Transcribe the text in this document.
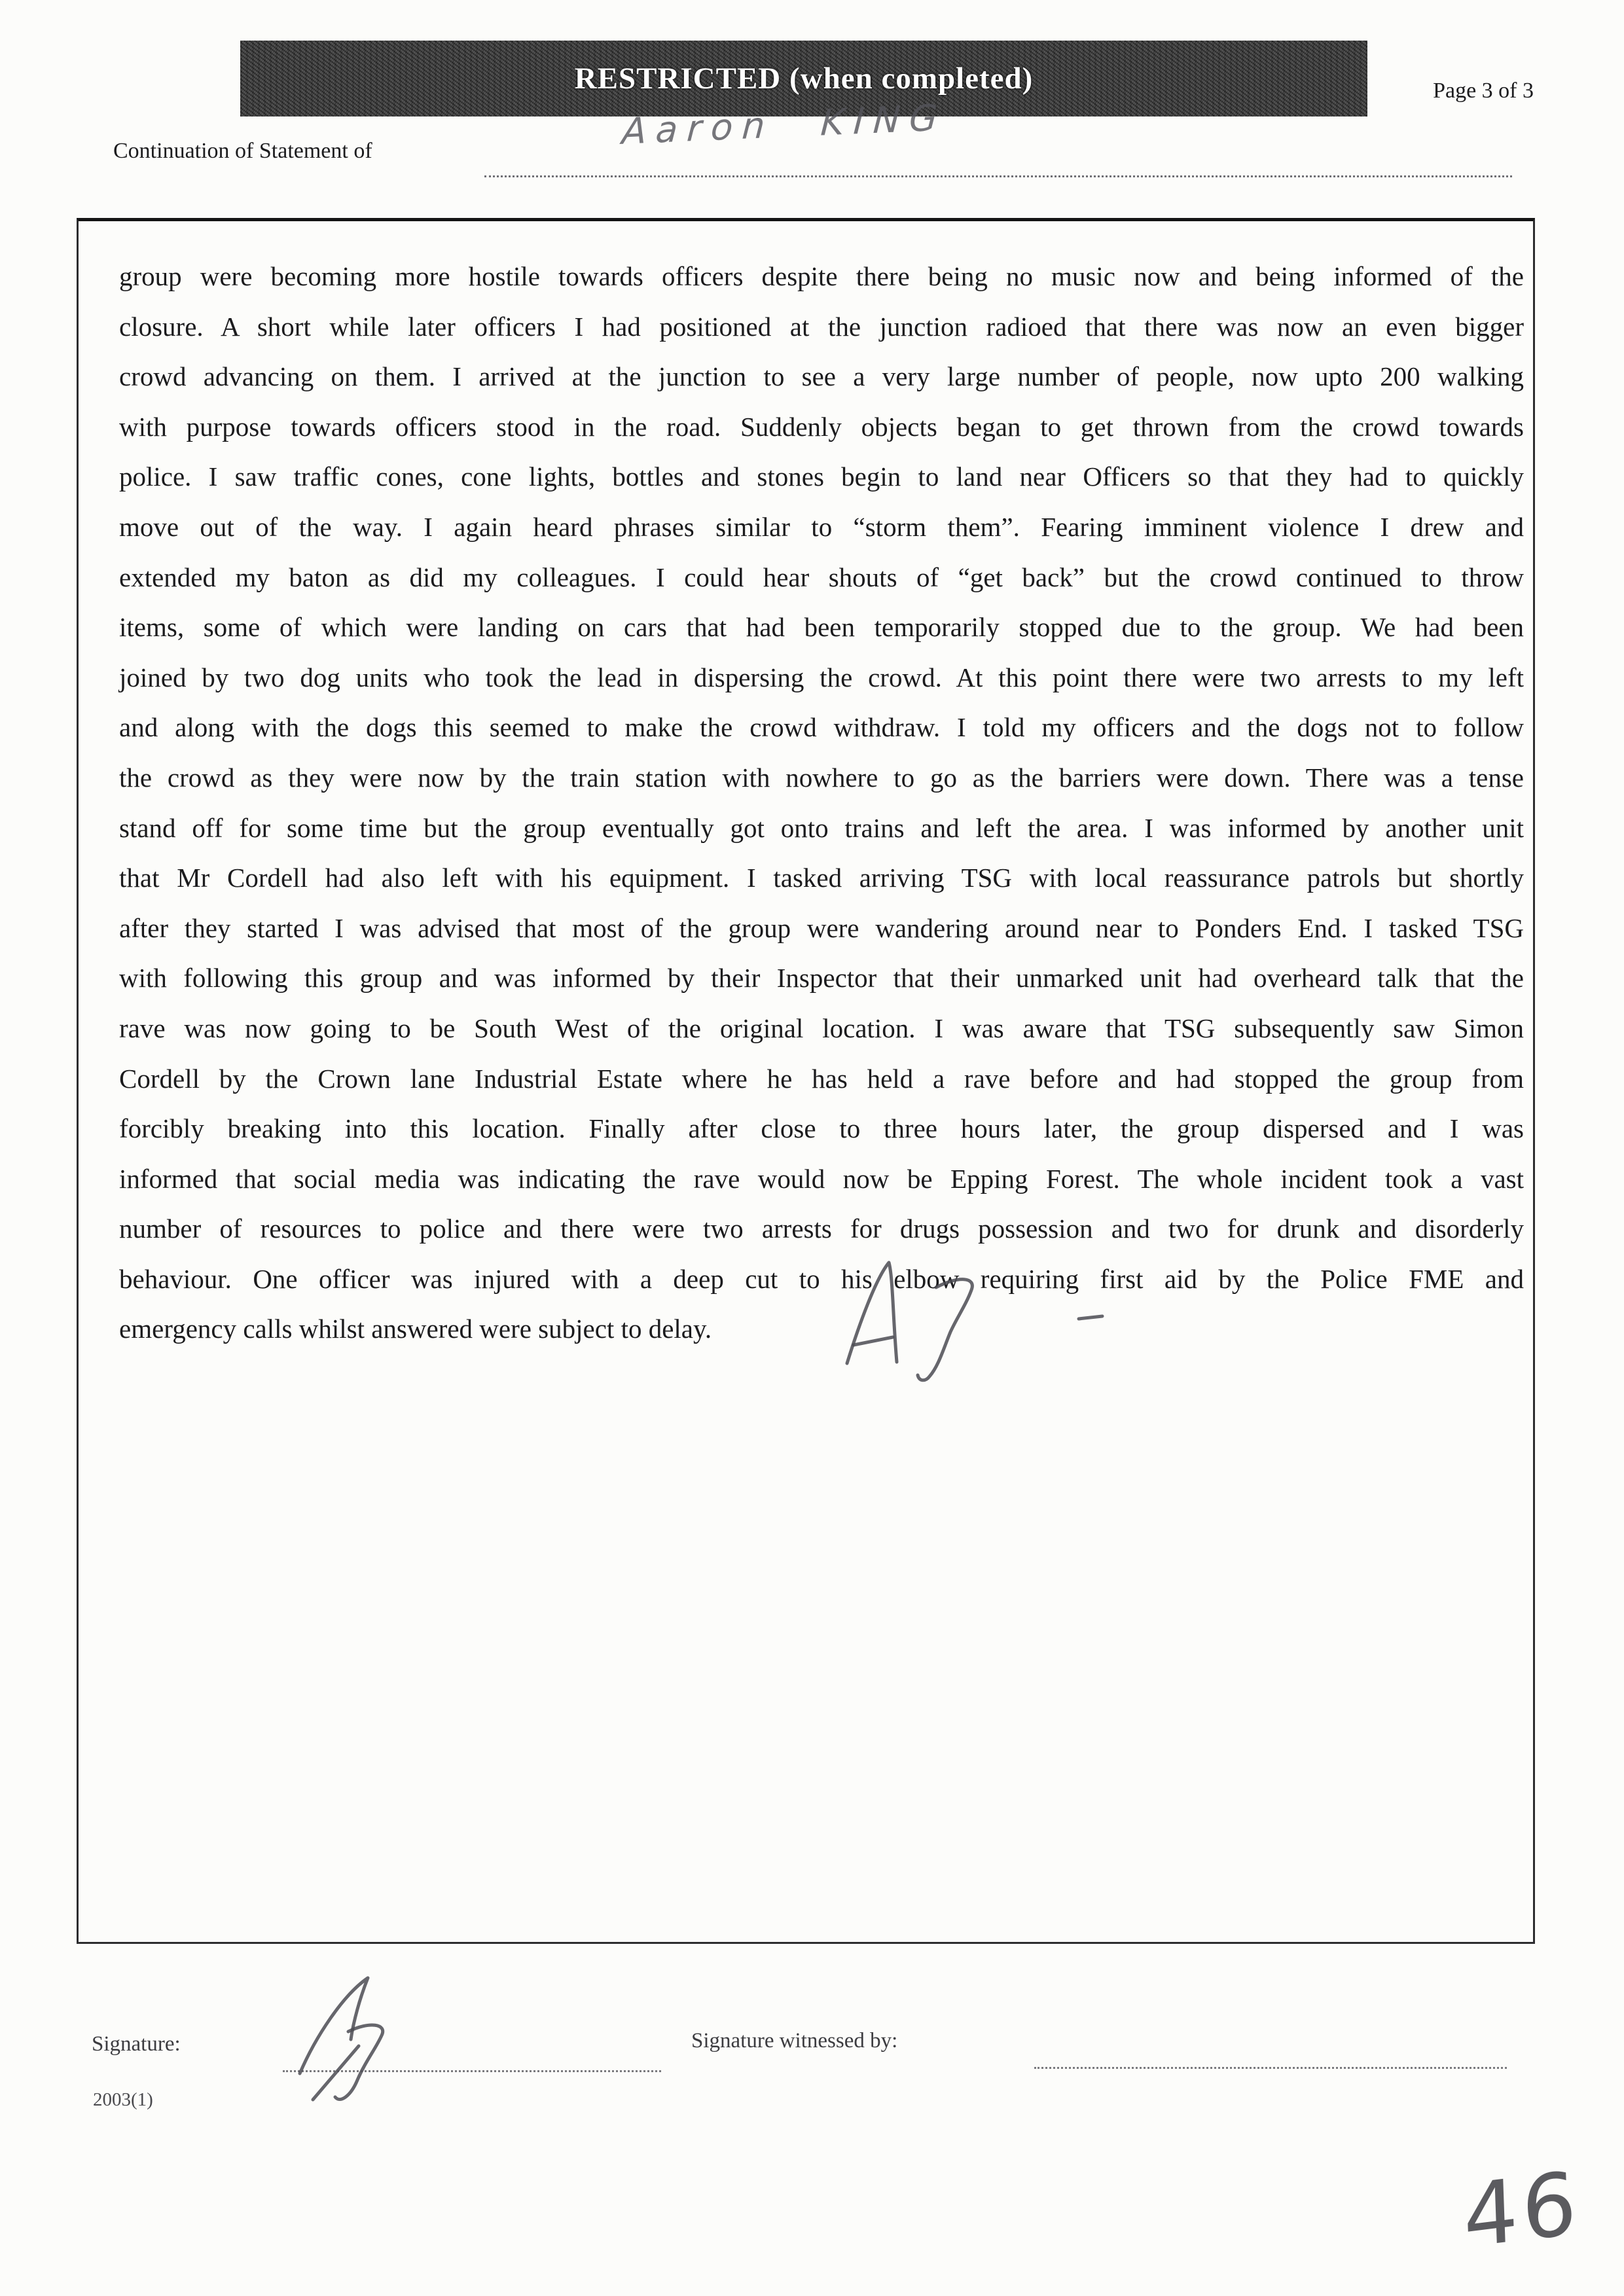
RESTRICTED (when completed)	Page 3 of 3
Continuation of Statement of	Aaron KING
group were becoming more hostile towards officers despite there being no music now and being informed of the
closure. A short while later officers I had positioned at the junction radioed that there was now an even bigger
crowd advancing on them. I arrived at the junction to see a very large number of people, now upto 200 walking
with purpose towards officers stood in the road. Suddenly objects began to get thrown from the crowd towards
police. I saw traffic cones, cone lights, bottles and stones begin to land near Officers so that they had to quickly
move out of the way. I again heard phrases similar to “storm them”. Fearing imminent violence I drew and
extended my baton as did my colleagues. I could hear shouts of “get back” but the crowd continued to throw
items, some of which were landing on cars that had been temporarily stopped due to the group. We had been
joined by two dog units who took the lead in dispersing the crowd. At this point there were two arrests to my left
and along with the dogs this seemed to make the crowd withdraw. I told my officers and the dogs not to follow
the crowd as they were now by the train station with nowhere to go as the barriers were down. There was a tense
stand off for some time but the group eventually got onto trains and left the area. I was informed by another unit
that Mr Cordell had also left with his equipment. I tasked arriving TSG with local reassurance patrols but shortly
after they started I was advised that most of the group were wandering around near to Ponders End. I tasked TSG
with following this group and was informed by their Inspector that their unmarked unit had overheard talk that the
rave was now going to be South West of the original location. I was aware that TSG subsequently saw Simon
Cordell by the Crown lane Industrial Estate where he has held a rave before and had stopped the group from
forcibly breaking into this location. Finally after close to three hours later, the group dispersed and I was
informed that social media was indicating the rave would now be Epping Forest. The whole incident took a vast
number of resources to police and there were two arrests for drugs possession and two for drunk and disorderly
behaviour. One officer was injured with a deep cut to his elbow requiring first aid by the Police FME and
emergency calls whilst answered were subject to delay.
Signature:	Signature witnessed by:
2003(1)
46
